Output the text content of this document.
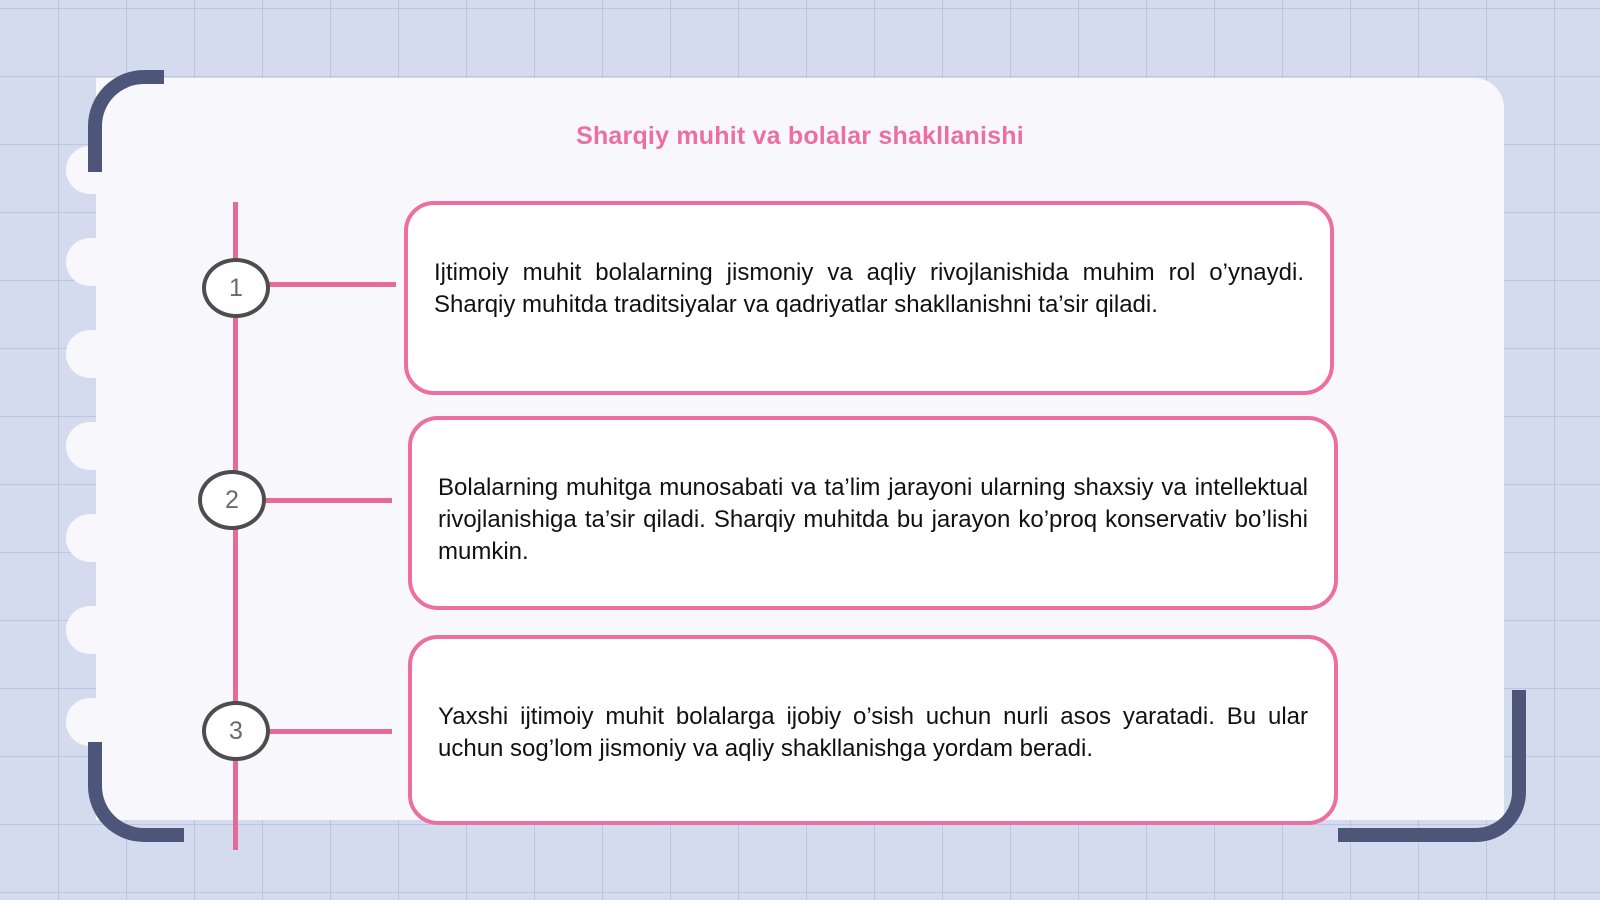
Sharqiy muhit va bolalar shakllanishi
1

Ijtimoiy muhit bolalarning jismoniy va aqliy rivojlanishida muhim rol o’ynaydi. Sharqiy muhitda traditsiyalar va qadriyatlar shakllanishni ta’sir qiladi.

2	Bolalarning muhitga munosabati va ta’lim jarayoni ularning shaxsiy va intellektual rivojlanishiga ta’sir qiladi. Sharqiy muhitda bu jarayon ko’proq konservativ bo’lishi mumkin.

3	Yaxshi ijtimoiy muhit bolalarga ijobiy o’sish uchun nurli asos yaratadi. Bu ular uchun sog’lom jismoniy va aqliy shakllanishga yordam beradi.
